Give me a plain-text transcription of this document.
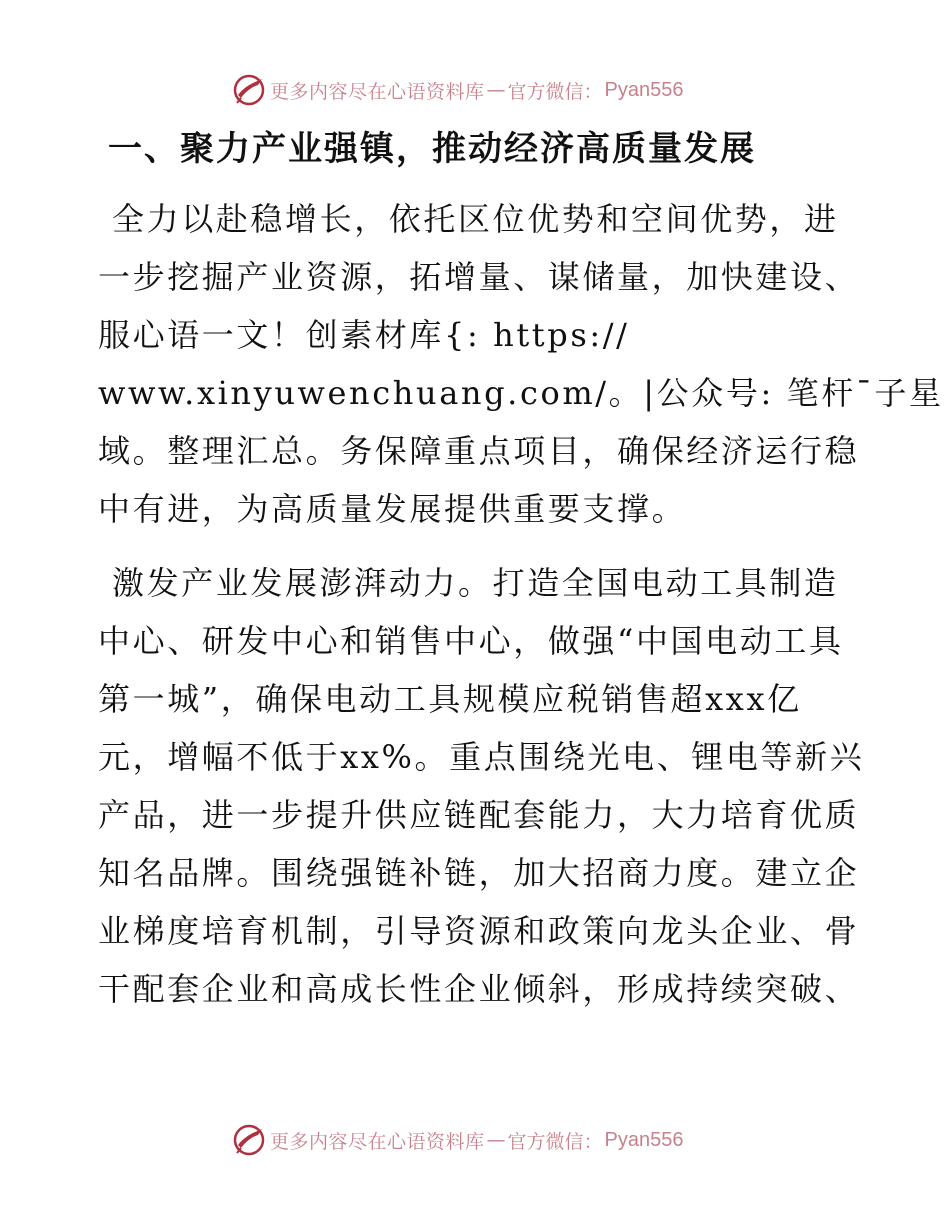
更多内容尽在心语资料库 — 官方微信： Pyan556
一、聚力产业强镇，推动经济高质量发展

全力以赴稳增长，依托区位优势和空间优势，进
一步挖掘产业资源，拓增量、谋储量，加快建设、
服心语一文！创素材库{: https://
www.xinyuwenchuang.com/。|公众号: 笔杆¯子星
域。整理汇总。务保障重点项目，确保经济运行稳
中有进，为高质量发展提供重要支撑。

激发产业发展澎湃动力。打造全国电动工具制造
中心、研发中心和销售中心，做强“中国电动工具
第一城”，确保电动工具规模应税销售超xxx亿
元，增幅不低于xx%。重点围绕光电、锂电等新兴
产品，进一步提升供应链配套能力，大力培育优质
知名品牌。围绕强链补链，加大招商力度。建立企
业梯度培育机制，引导资源和政策向龙头企业、骨
干配套企业和高成长性企业倾斜，形成持续突破、

更多内容尽在心语资料库 — 官方微信： Pyan556
